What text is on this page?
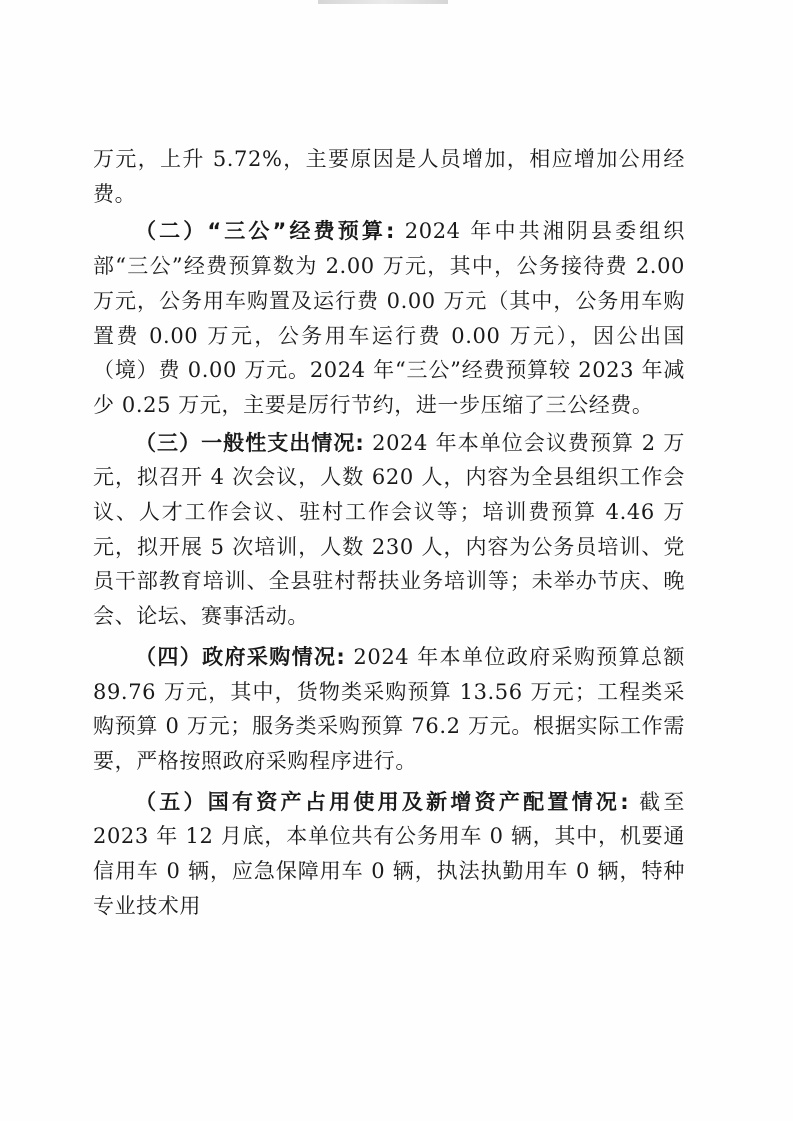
万元，上升 5.72%，主要原因是人员增加，相应增加公用经费。

（二）“三公”经费预算: 2024 年中共湘阴县委组织部“三公”经费预算数为 2.00 万元，其中，公务接待费 2.00 万元，公务用车购置及运行费 0.00 万元（其中，公务用车购置费 0.00 万元，公务用车运行费 0.00 万元），因公出国（境）费 0.00 万元。2024 年“三公”经费预算较 2023 年减少 0.25 万元，主要是厉行节约，进一步压缩了三公经费。

（三）一般性支出情况: 2024 年本单位会议费预算 2 万元，拟召开 4 次会议，人数 620 人，内容为全县组织工作会议、人才工作会议、驻村工作会议等；培训费预算 4.46 万元，拟开展 5 次培训，人数 230 人，内容为公务员培训、党员干部教育培训、全县驻村帮扶业务培训等；未举办节庆、晚会、论坛、赛事活动。

（四）政府采购情况: 2024 年本单位政府采购预算总额 89.76 万元，其中，货物类采购预算 13.56 万元；工程类采购预算 0 万元；服务类采购预算 76.2 万元。根据实际工作需要，严格按照政府采购程序进行。

（五）国有资产占用使用及新增资产配置情况: 截至 2023 年 12 月底，本单位共有公务用车 0 辆，其中，机要通信用车 0 辆，应急保障用车 0 辆，执法执勤用车 0 辆，特种专业技术用
